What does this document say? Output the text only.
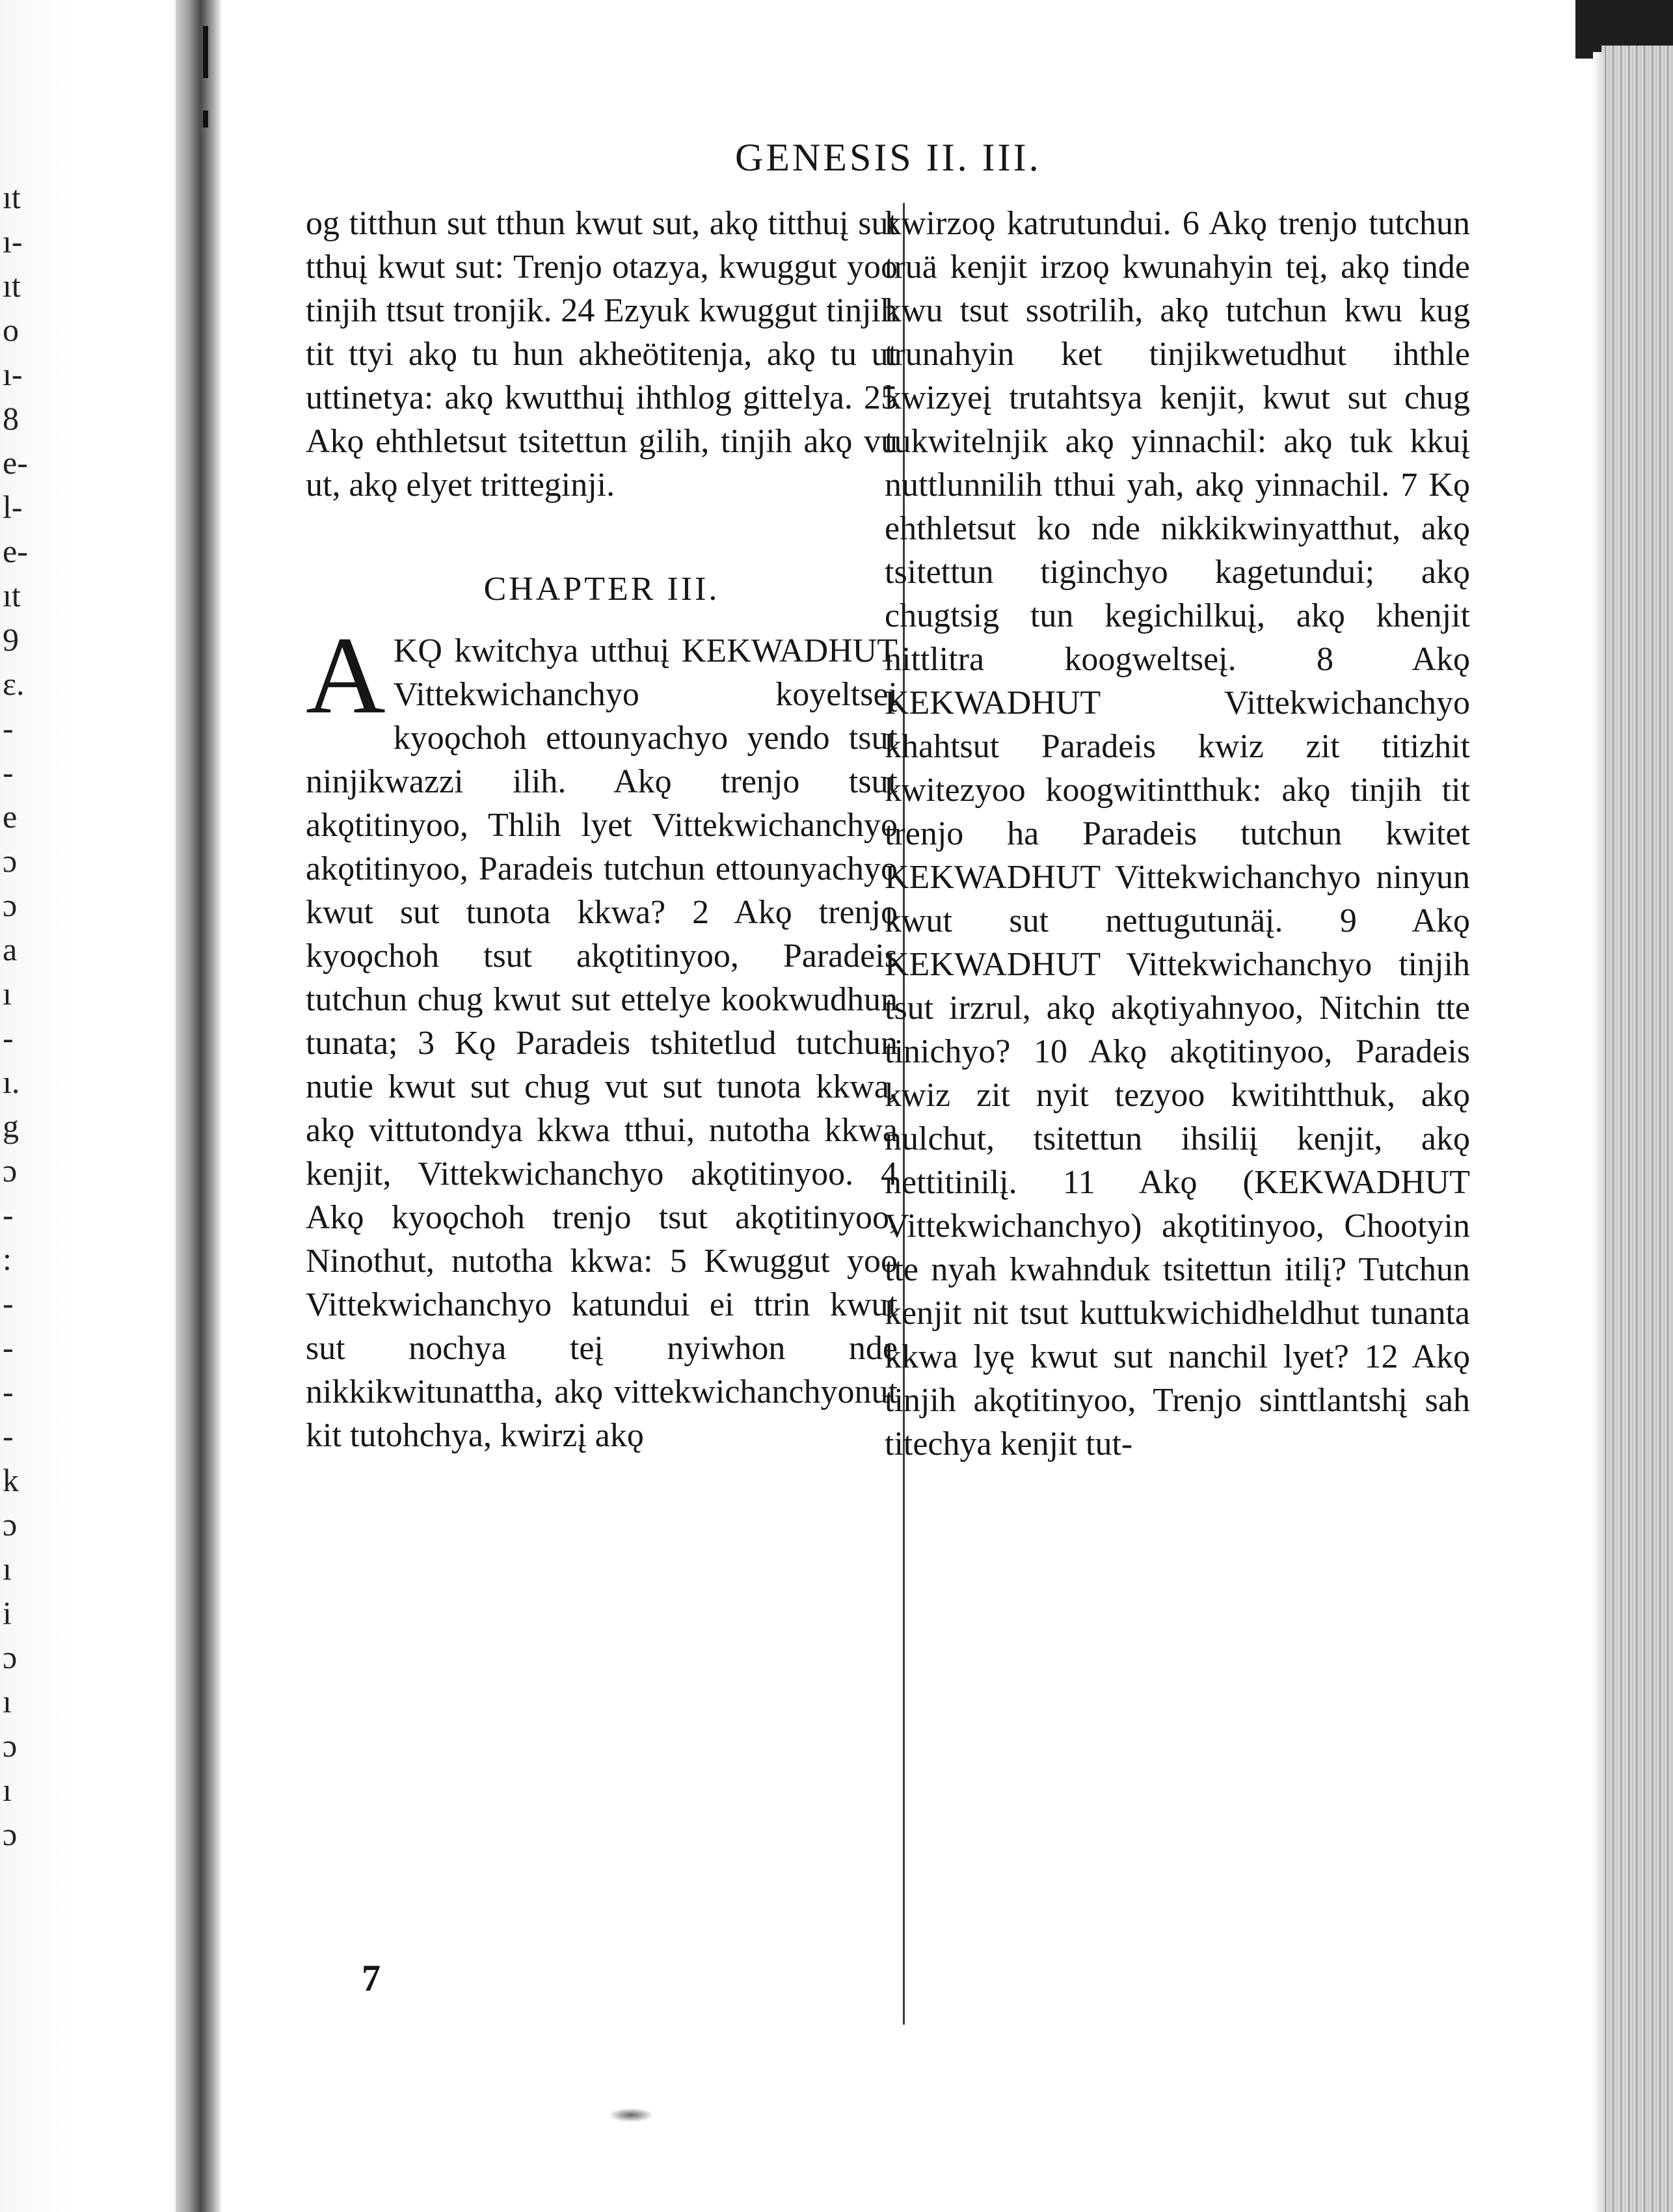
ıt
ı-
ıt
o
ı-
8
e-
l-
e-
ıt
9
ɛ.
-
-
e
ɔ
ɔ
a
ı
-
ı.
g
ɔ
-
:
-
-
-
-
k
ɔ
ı
i
ɔ
ı
ɔ
ı
ɔ
GENESIS II. III.

og titthun sut tthun kwut sut, akǫ titthuį sut tthuį kwut sut: Trenjo otazya, kwuggut yoo tinjih ttsut tronjik. 24 Ezyuk kwuggut tinjih tit ttyi akǫ tu hun akheötitenja, akǫ tu ut uttinetya: akǫ kwutthuį ihthlog gittelya. 25 Akǫ ehthletsut tsitettun gilih, tinjih akǫ vu ut, akǫ elyet tritteginji.

CHAPTER III.

A KǪ kwitchya utthuį KEKWADHUT Vittekwichanchyo koyeltseį kyoǫchoh ettounyachyo yendo tsut ninjikwazzi ilih. Akǫ trenjo tsut akǫtitinyoo, Thlih lyet Vittekwichanchyo akǫtitinyoo, Paradeis tutchun ettounyachyo kwut sut tunota kkwa? 2 Akǫ trenjo kyoǫchoh tsut akǫtitinyoo, Paradeis tutchun chug kwut sut ettelye kookwudhun tunata; 3 Kǫ Paradeis tshitetlud tutchun nutie kwut sut chug vut sut tunota kkwa, akǫ vittutondya kkwa tthui, nutotha kkwa kenjit, Vittekwichanchyo akǫtitinyoo. 4 Akǫ kyoǫchoh trenjo tsut akǫtitinyoo, Ninothut, nutotha kkwa: 5 Kwuggut yoo Vittekwichanchyo katundui ei ttrin kwut sut nochya teį nyiwhon nde nikkikwitunattha, akǫ vittekwichanchyonut kit tutohchya, kwirzį akǫ

kwirzoǫ katrutundui. 6 Akǫ trenjo tutchun truä kenjit irzoǫ kwunahyin teį, akǫ tinde kwu tsut ssotrilih, akǫ tutchun kwu kug trunahyin ket tinjikwetudhut ihthle kwizyeį trutahtsya kenjit, kwut sut chug tukwitelnjik akǫ yinnachil: akǫ tuk kkuį nuttlunnilih tthui yah, akǫ yinnachil. 7 Kǫ ehthletsut ko nde nikkikwinyatthut, akǫ tsitettun tiginchyo kagetundui; akǫ chugtsig tun kegichilkuį, akǫ khenjit nittlitra koogweltseį. 8 Akǫ KEKWADHUT Vittekwichanchyo khahtsut Paradeis kwiz zit titizhit kwitezyoo koogwitintthuk: akǫ tinjih tit trenjo ha Paradeis tutchun kwitet KEKWADHUT Vittekwichanchyo ninyun kwut sut nettugutunäį. 9 Akǫ KEKWADHUT Vittekwichanchyo tinjih tsut irzrul, akǫ akǫtiyahnyoo, Nitchin tte tinichyo? 10 Akǫ akǫtitinyoo, Paradeis kwiz zit nyit tezyoo kwitihtthuk, akǫ nulchut, tsitettun ihsiliį kenjit, akǫ nettitinilį. 11 Akǫ (KEKWADHUT Vittekwichanchyo) akǫtitinyoo, Chootyin tte nyah kwahnduk tsitettun itilį? Tutchun kenjit nit tsut kuttukwichidheldhut tunanta kkwa lyę kwut sut nanchil lyet? 12 Akǫ tinjih akǫtitinyoo, Trenjo sinttlantshį sah titechya kenjit tut-

7
